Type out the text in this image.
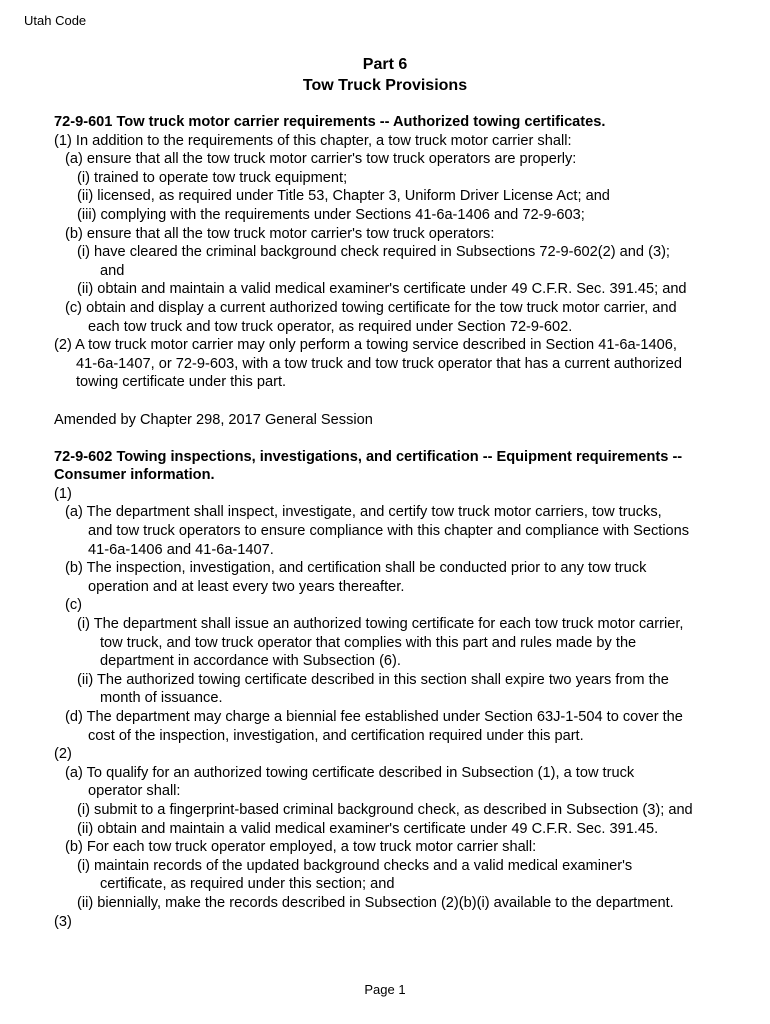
Utah Code
Part 6
Tow Truck Provisions

72-9-601 Tow truck motor carrier requirements -- Authorized towing certificates.

(1) In addition to the requirements of this chapter, a tow truck motor carrier shall:

(a) ensure that all the tow truck motor carrier's tow truck operators are properly:

(i) trained to operate tow truck equipment;

(ii) licensed, as required under Title 53, Chapter 3, Uniform Driver License Act; and

(iii) complying with the requirements under Sections 41-6a-1406 and 72-9-603;

(b) ensure that all the tow truck motor carrier's tow truck operators:

(i) have cleared the criminal background check required in Subsections 72-9-602(2) and (3);

and

(ii) obtain and maintain a valid medical examiner's certificate under 49 C.F.R. Sec. 391.45; and

(c) obtain and display a current authorized towing certificate for the tow truck motor carrier, and

each tow truck and tow truck operator, as required under Section 72-9-602.

(2) A tow truck motor carrier may only perform a towing service described in Section 41-6a-1406,

41-6a-1407, or 72-9-603, with a tow truck and tow truck operator that has a current authorized

towing certificate under this part.

Amended by Chapter 298, 2017 General Session

72-9-602 Towing inspections, investigations, and certification -- Equipment requirements -- Consumer information.

(1)

(a) The department shall inspect, investigate, and certify tow truck motor carriers, tow trucks,

and tow truck operators to ensure compliance with this chapter and compliance with Sections

41-6a-1406 and 41-6a-1407.

(b) The inspection, investigation, and certification shall be conducted prior to any tow truck

operation and at least every two years thereafter.

(c)

(i) The department shall issue an authorized towing certificate for each tow truck motor carrier,

tow truck, and tow truck operator that complies with this part and rules made by the

department in accordance with Subsection (6).

(ii) The authorized towing certificate described in this section shall expire two years from the

month of issuance.

(d) The department may charge a biennial fee established under Section 63J-1-504 to cover the

cost of the inspection, investigation, and certification required under this part.

(2)

(a) To qualify for an authorized towing certificate described in Subsection (1), a tow truck

operator shall:

(i) submit to a fingerprint-based criminal background check, as described in Subsection (3); and

(ii) obtain and maintain a valid medical examiner's certificate under 49 C.F.R. Sec. 391.45.

(b) For each tow truck operator employed, a tow truck motor carrier shall:

(i) maintain records of the updated background checks and a valid medical examiner's

certificate, as required under this section; and

(ii) biennially, make the records described in Subsection (2)(b)(i) available to the department.

(3)

Page 1
